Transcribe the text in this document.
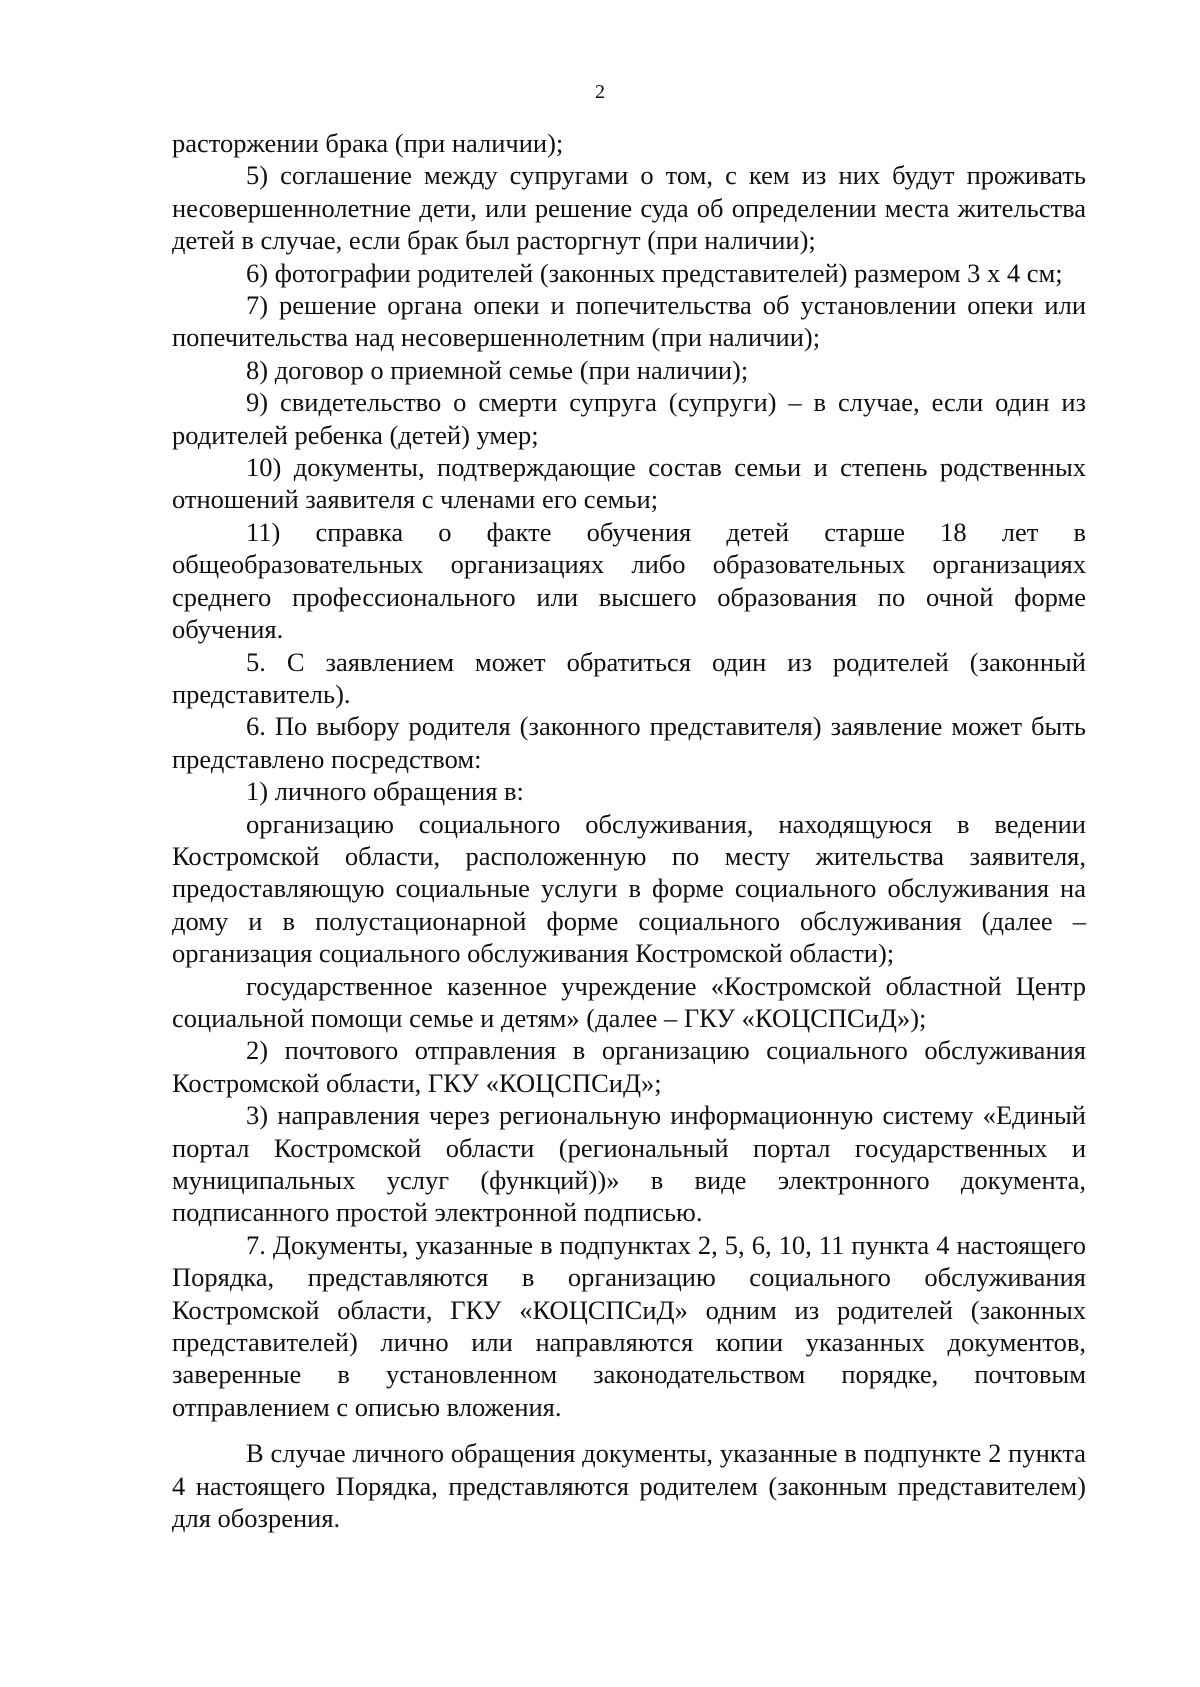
2

расторжении брака (при наличии);

5) соглашение между супругами о том, с кем из них будут проживать несовершеннолетние дети, или решение суда об определении места жительства детей в случае, если брак был расторгнут (при наличии);

6) фотографии родителей (законных представителей) размером 3 х 4 см;

7) решение органа опеки и попечительства об установлении опеки или попечительства над несовершеннолетним (при наличии);

8) договор о приемной семье (при наличии);

9) свидетельство о смерти супруга (супруги) – в случае, если один из родителей ребенка (детей) умер;

10) документы, подтверждающие состав семьи и степень родственных отношений заявителя с членами его семьи;

11) справка о факте обучения детей старше 18 лет в общеобразовательных организациях либо образовательных организациях среднего профессионального или высшего образования по очной форме обучения.

5. С заявлением может обратиться один из родителей (законный представитель).

6. По выбору родителя (законного представителя) заявление может быть представлено посредством:

1) личного обращения в:

организацию социального обслуживания, находящуюся в ведении Костромской области, расположенную по месту жительства заявителя, предоставляющую социальные услуги в форме социального обслуживания на дому и в полустационарной форме социального обслуживания (далее – организация социального обслуживания Костромской области);

государственное казенное учреждение «Костромской областной Центр социальной помощи семье и детям» (далее – ГКУ «КОЦСПСиД»);

2) почтового отправления в организацию социального обслуживания Костромской области, ГКУ «КОЦСПСиД»;

3) направления через региональную информационную систему «Единый портал Костромской области (региональный портал государственных и муниципальных услуг (функций))» в виде электронного документа, подписанного простой электронной подписью.

7. Документы, указанные в подпунктах 2, 5, 6, 10, 11 пункта 4 настоящего Порядка, представляются в организацию социального обслуживания Костромской области, ГКУ «КОЦСПСиД» одним из родителей (законных представителей) лично или направляются копии указанных документов, заверенные в установленном законодательством порядке, почтовым отправлением с описью вложения.

В случае личного обращения документы, указанные в подпункте 2 пункта 4 настоящего Порядка, представляются родителем (законным представителем) для обозрения.
